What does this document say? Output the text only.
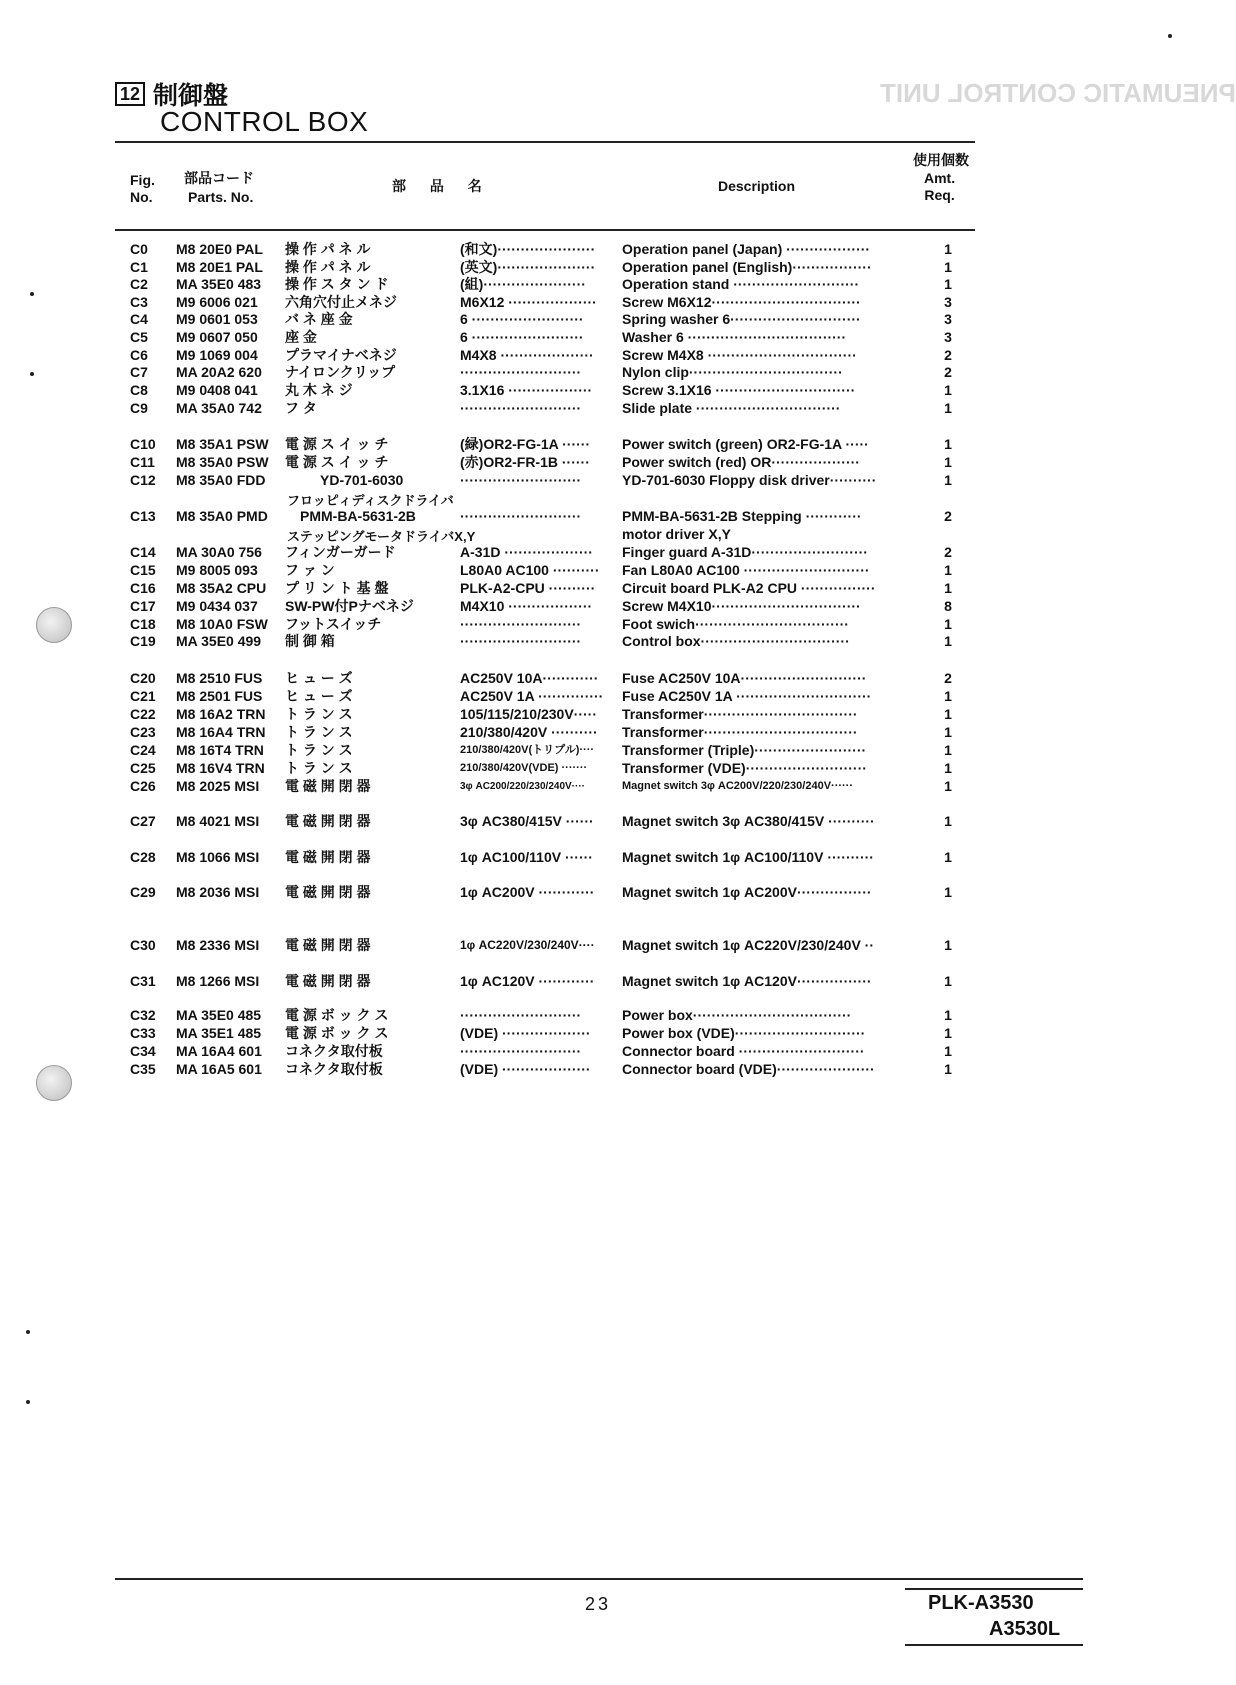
PNEUMATIC CONTROL UNIT
12 制御盤
CONTROL BOX
Fig.
No.
部品コード
Parts. No.
部 品 名	Description
使用個数
Amt.
Req.
C0	M8 20E0 PAL	操 作 パ ネ ル	(和文)·····················	Operation panel (Japan) ··················	1
C1	M8 20E1 PAL	操 作 パ ネ ル	(英文)·····················	Operation panel (English)·················	1
C2	MA 35E0 483	操 作 ス タ ン ド	(組)······················	Operation stand ···························	1
C3	M9 6006 021	六角穴付止メネジ	M6X12 ···················	Screw M6X12································	3
C4	M9 0601 053	バ ネ 座 金	6 ························	Spring washer 6····························	3
C5	M9 0607 050	座 金	6 ························	Washer 6 ··································	3
C6	M9 1069 004	プラマイナベネジ	M4X8 ····················	Screw M4X8 ································	2
C7	MA 20A2 620	ナイロンクリップ	··························	Nylon clip·································	2
C8	M9 0408 041	丸 木 ネ ジ	3.1X16 ··················	Screw 3.1X16 ······························	1
C9	MA 35A0 742	フ タ	··························	Slide plate ·······························	1
C10	M8 35A1 PSW	電 源 ス イ ッ チ	(緑)OR2-FG-1A ······	Power switch (green) OR2-FG-1A ·····	1
C11	M8 35A0 PSW	電 源 ス イ ッ チ	(赤)OR2-FR-1B ······	Power switch (red) OR···················	1
C12	M8 35A0 FDD	YD-701-6030	··························	YD-701-6030 Floppy disk driver··········	1
フロッピィディスクドライバ
C13	M8 35A0 PMD	PMM-BA-5631-2B	··························	PMM-BA-5631-2B Stepping ············	2
ステッピングモータドライバX,Y	motor driver X,Y
C14	MA 30A0 756	フィンガーガード	A-31D ···················	Finger guard A-31D·························	2
C15	M9 8005 093	フ ァ ン	L80A0 AC100 ··········	Fan L80A0 AC100 ···························	1
C16	M8 35A2 CPU	プ リ ン ト 基 盤	PLK-A2-CPU ··········	Circuit board PLK-A2 CPU ················	1
C17	M9 0434 037	SW-PW付Pナベネジ	M4X10 ··················	Screw M4X10································	8
C18	M8 10A0 FSW	フットスイッチ	··························	Foot swich·································	1
C19	MA 35E0 499	制 御 箱	··························	Control box································	1
C20	M8 2510 FUS	ヒ ュ ー ズ	AC250V 10A············	Fuse AC250V 10A···························	2
C21	M8 2501 FUS	ヒ ュ ー ズ	AC250V 1A ··············	Fuse AC250V 1A ·····························	1
C22	M8 16A2 TRN	ト ラ ン ス	105/115/210/230V·····	Transformer·································	1
C23	M8 16A4 TRN	ト ラ ン ス	210/380/420V ··········	Transformer·································	1
C24	M8 16T4 TRN	ト ラ ン ス	210/380/420V(トリプル)····	Transformer (Triple)························	1
C25	M8 16V4 TRN	ト ラ ン ス	210/380/420V(VDE) ·······	Transformer (VDE)··························	1
C26	M8 2025 MSI	電 磁 開 閉 器	3φ AC200/220/230/240V····	Magnet switch 3φ AC200V/220/230/240V······	1
C27	M8 4021 MSI	電 磁 開 閉 器	3φ AC380/415V ······	Magnet switch 3φ AC380/415V ··········	1
C28	M8 1066 MSI	電 磁 開 閉 器	1φ AC100/110V ······	Magnet switch 1φ AC100/110V ··········	1
C29	M8 2036 MSI	電 磁 開 閉 器	1φ AC200V ············	Magnet switch 1φ AC200V················	1
C30	M8 2336 MSI	電 磁 開 閉 器	1φ AC220V/230/240V····	Magnet switch 1φ AC220V/230/240V ··	1
C31	M8 1266 MSI	電 磁 開 閉 器	1φ AC120V ············	Magnet switch 1φ AC120V················	1
C32	MA 35E0 485	電 源 ボ ッ ク ス	··························	Power box··································	1
C33	MA 35E1 485	電 源 ボ ッ ク ス	(VDE) ···················	Power box (VDE)····························	1
C34	MA 16A4 601	コネクタ取付板	··························	Connector board ···························	1
C35	MA 16A5 601	コネクタ取付板	(VDE) ···················	Connector board (VDE)·····················	1
23	PLK-A3530
A3530L
